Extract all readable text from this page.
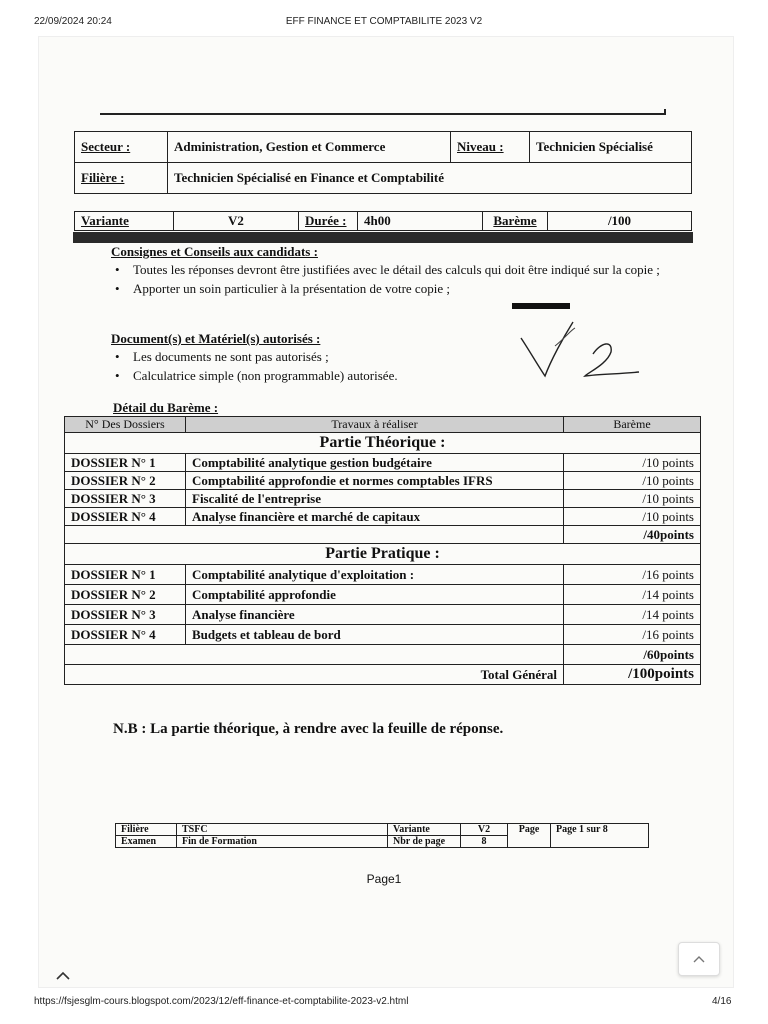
22/09/2024 20:24	EFF FINANCE ET COMPTABILITE 2023 V2
Secteur :	Administration, Gestion et Commerce	Niveau :	Technicien Spécialisé
Filière :	Technicien Spécialisé en Finance et Comptabilité		
Variante	V2	Durée :	4h00	Barème	/100
Consignes et Conseils aux candidats :
• Toutes les réponses devront être justifiées avec le détail des calculs qui doit être indiqué sur la copie ;
• Apporter un soin particulier à la présentation de votre copie ;
Document(s) et Matériel(s) autorisés :
• Les documents ne sont pas autorisés ;
• Calculatrice simple (non programmable) autorisée.
Détail du Barème :
N° Des Dossiers	Travaux à réaliser	Barème
Partie Théorique :		
DOSSIER N° 1	Comptabilité analytique gestion budgétaire	/10 points
DOSSIER N° 2	Comptabilité approfondie et normes comptables IFRS	/10 points
DOSSIER N° 3	Fiscalité de l'entreprise	/10 points
DOSSIER N° 4	Analyse financière et marché de capitaux	/10 points
		/40points
Partie Pratique :		
DOSSIER N° 1	Comptabilité analytique d'exploitation :	/16 points
DOSSIER N° 2	Comptabilité approfondie	/14 points
DOSSIER N° 3	Analyse financière	/14 points
DOSSIER N° 4	Budgets et tableau de bord	/16 points
		/60points
Total Général		/100points
N.B : La partie théorique, à rendre avec la feuille de réponse.
Filière	TSFC	Variante	V2	Page	Page 1 sur 8
Examen	Fin de Formation	Nbr de page	8		
Page1
https://fsjesglm-cours.blogspot.com/2023/12/eff-finance-et-comptabilite-2023-v2.html	4/16
